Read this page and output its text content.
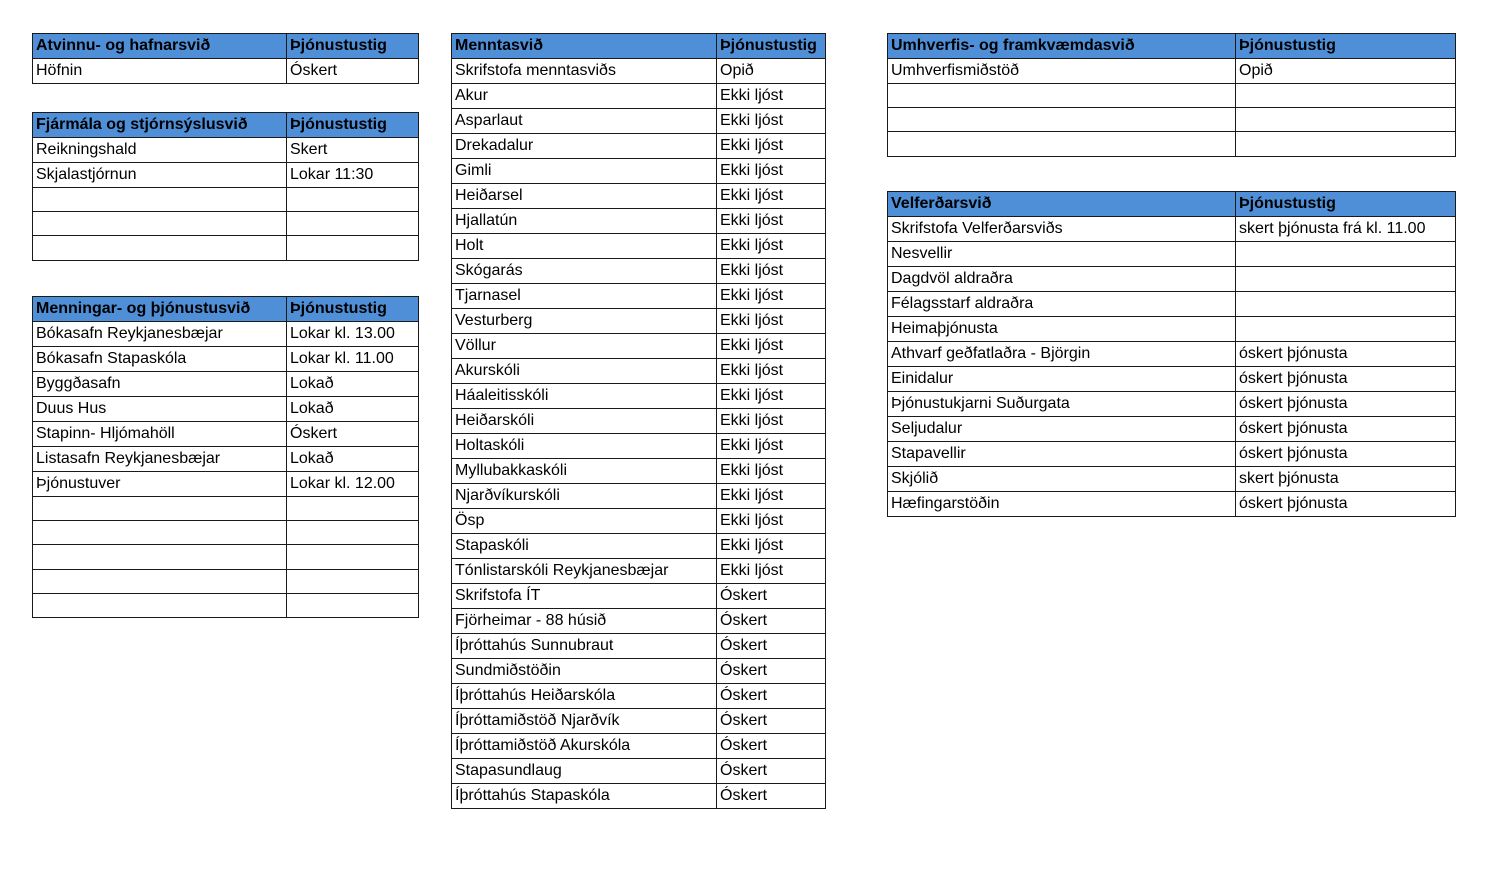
Atvinnu- og hafnarsvið	Þjónustustig
Höfnin	Óskert
Fjármála og stjórnsýslusvið	Þjónustustig
Reikningshald	Skert
Skjalastjórnun	Lokar 11:30

Menningar- og þjónustusvið	Þjónustustig
Bókasafn Reykjanesbæjar	Lokar kl. 13.00
Bókasafn Stapaskóla	Lokar kl. 11.00
Byggðasafn	Lokað
Duus Hus	Lokað
Stapinn- Hljómahöll	Óskert
Listasafn Reykjanesbæjar	Lokað
Þjónustuver	Lokar kl. 12.00

Menntasvið	Þjónustustig
Skrifstofa menntasviðs	Opið
Akur	Ekki ljóst
Asparlaut	Ekki ljóst
Drekadalur	Ekki ljóst
Gimli	Ekki ljóst
Heiðarsel	Ekki ljóst
Hjallatún	Ekki ljóst
Holt	Ekki ljóst
Skógarás	Ekki ljóst
Tjarnasel	Ekki ljóst
Vesturberg	Ekki ljóst
Völlur	Ekki ljóst
Akurskóli	Ekki ljóst
Háaleitisskóli	Ekki ljóst
Heiðarskóli	Ekki ljóst
Holtaskóli	Ekki ljóst
Myllubakkaskóli	Ekki ljóst
Njarðvíkurskóli	Ekki ljóst
Ösp	Ekki ljóst
Stapaskóli	Ekki ljóst
Tónlistarskóli Reykjanesbæjar	Ekki ljóst
Skrifstofa ÍT	Óskert
Fjörheimar - 88 húsið	Óskert
Íþróttahús Sunnubraut	Óskert
Sundmiðstöðin	Óskert
Íþróttahús Heiðarskóla	Óskert
Íþróttamiðstöð Njarðvík	Óskert
Íþróttamiðstöð Akurskóla	Óskert
Stapasundlaug	Óskert
Íþróttahús Stapaskóla	Óskert
Umhverfis- og framkvæmdasvið	Þjónustustig
Umhverfismiðstöð	Opið

Velferðarsvið	Þjónustustig
Skrifstofa Velferðarsviðs	skert þjónusta frá kl. 11.00
Nesvellir	
Dagdvöl aldraðra	
Félagsstarf aldraðra	
Heimaþjónusta	
Athvarf geðfatlaðra - Björgin	óskert þjónusta
Einidalur	óskert þjónusta
Þjónustukjarni Suðurgata	óskert þjónusta
Seljudalur	óskert þjónusta
Stapavellir	óskert þjónusta
Skjólið	skert þjónusta
Hæfingarstöðin	óskert þjónusta
